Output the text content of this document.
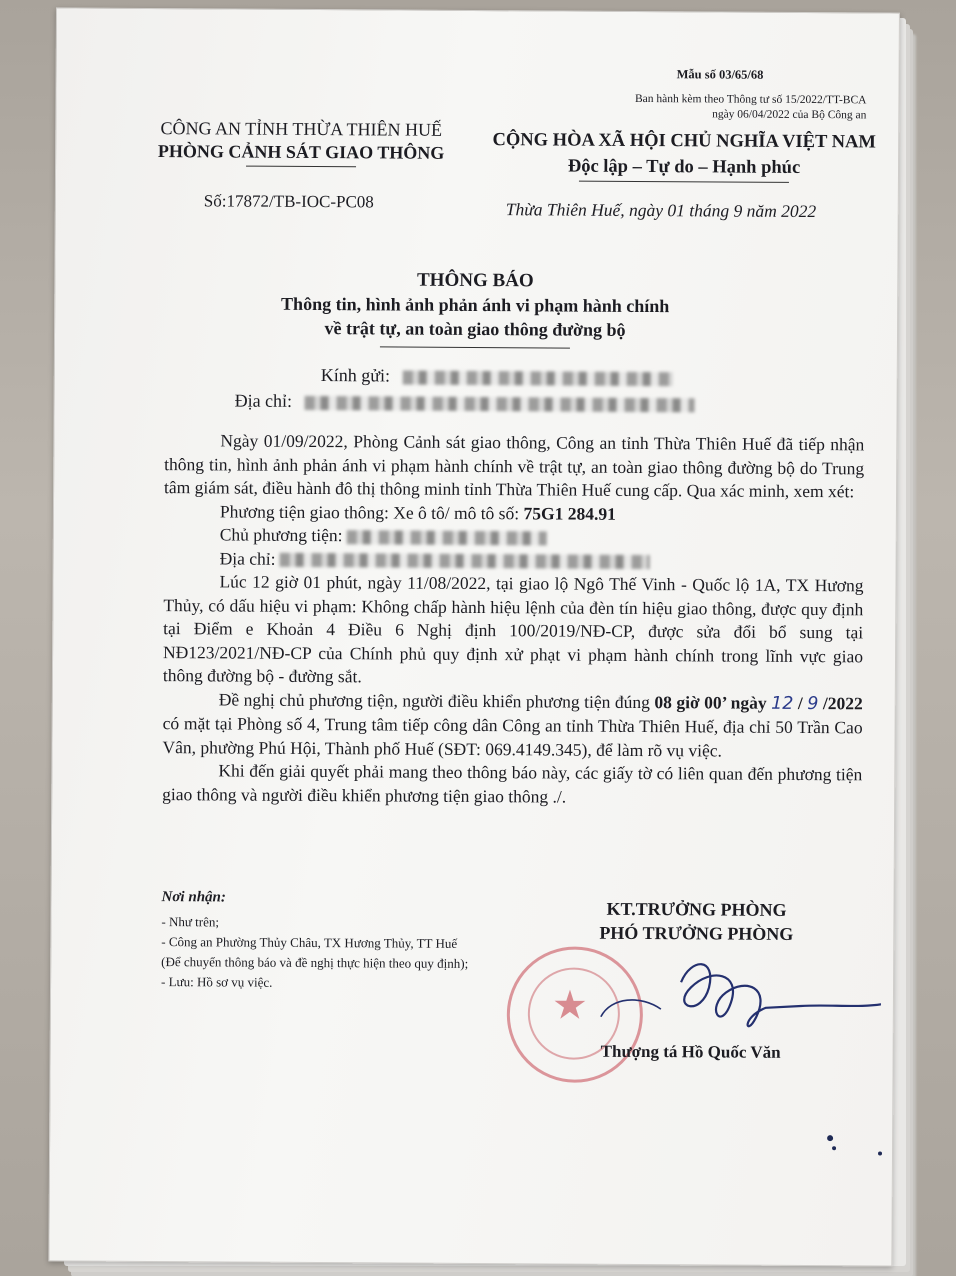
Mẫu số 03/65/68
Ban hành kèm theo Thông tư số 15/2022/TT-BCA
ngày 06/04/2022 của Bộ Công an
CÔNG AN TỈNH THỪA THIÊN HUẾ
PHÒNG CẢNH SÁT GIAO THÔNG	CỘNG HÒA XÃ HỘI CHỦ NGHĨA VIỆT NAM
Độc lập – Tự do – Hạnh phúc
Số:17872/TB-IOC-PC08	Thừa Thiên Huế, ngày 01 tháng 9 năm 2022
THÔNG BÁO
Thông tin, hình ảnh phản ánh vi phạm hành chính
về trật tự, an toàn giao thông đường bộ
Kính gửi:
Địa chỉ:

Ngày 01/09/2022, Phòng Cảnh sát giao thông, Công an tỉnh Thừa Thiên Huế đã tiếp nhận thông tin, hình ảnh phản ánh vi phạm hành chính về trật tự, an toàn giao thông đường bộ do Trung tâm giám sát, điều hành đô thị thông minh tỉnh Thừa Thiên Huế cung cấp. Qua xác minh, xem xét:

Phương tiện giao thông: Xe ô tô/ mô tô số: 75G1 284.91

Chủ phương tiện:

Địa chỉ:

Lúc 12 giờ 01 phút, ngày 11/08/2022, tại giao lộ Ngô Thế Vinh - Quốc lộ 1A, TX Hương Thủy, có dấu hiệu vi phạm: Không chấp hành hiệu lệnh của đèn tín hiệu giao thông, được quy định tại Điểm e Khoản 4 Điều 6 Nghị định 100/2019/NĐ-CP, được sửa đổi bổ sung tại NĐ123/2021/NĐ-CP của Chính phủ quy định xử phạt vi phạm hành chính trong lĩnh vực giao thông đường bộ - đường sắt.

Đề nghị chủ phương tiện, người điều khiển phương tiện đúng 08 giờ 00’ ngày 12 / 9 /2022 có mặt tại Phòng số 4, Trung tâm tiếp công dân Công an tỉnh Thừa Thiên Huế, địa chỉ 50 Trần Cao Vân, phường Phú Hội, Thành phố Huế (SĐT: 069.4149.345), để làm rõ vụ việc.

Khi đến giải quyết phải mang theo thông báo này, các giấy tờ có liên quan đến phương tiện giao thông và người điều khiển phương tiện giao thông ./.

Nơi nhận:
- Như trên;
- Công an Phường Thủy Châu, TX Hương Thủy, TT Huế (Để chuyển thông báo và đề nghị thực hiện theo quy định);
- Lưu: Hồ sơ vụ việc.
KT.TRƯỞNG PHÒNG
PHÓ TRƯỞNG PHÒNG
★
Thượng tá Hồ Quốc Văn
